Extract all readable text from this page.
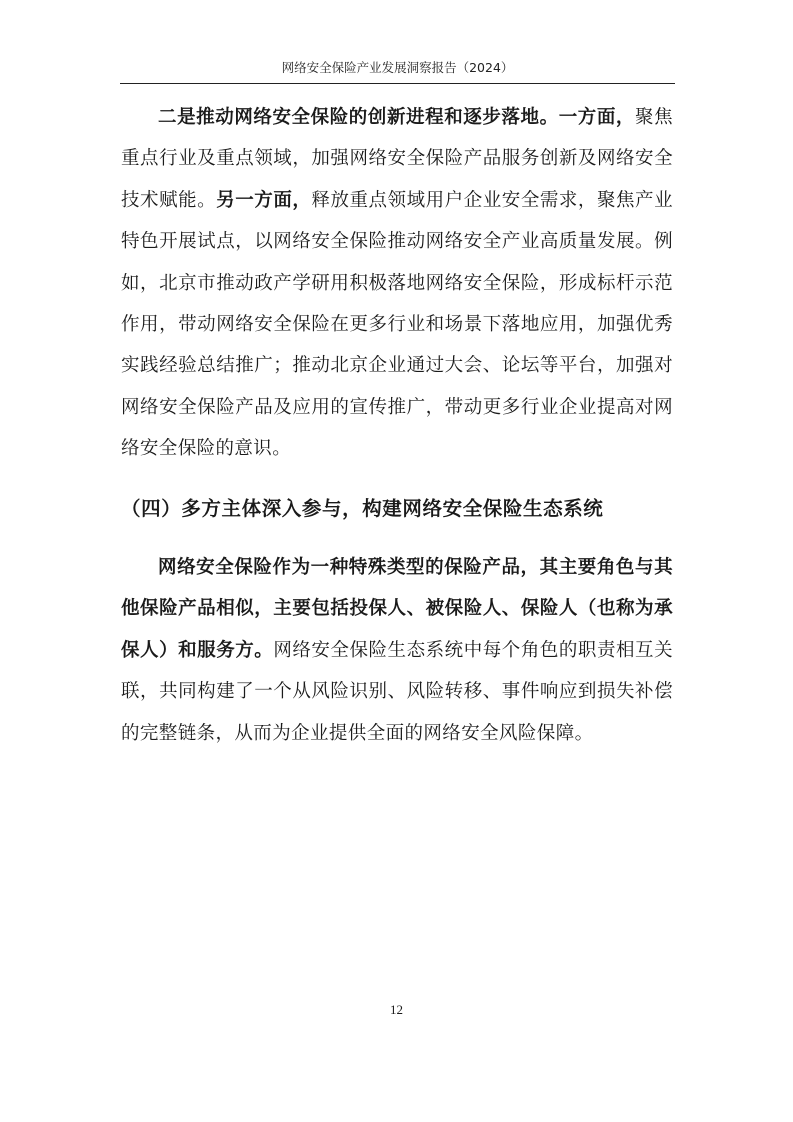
网络安全保险产业发展洞察报告（2024）

二是推动网络安全保险的创新进程和逐步落地。一方面，聚焦重点行业及重点领域，加强网络安全保险产品服务创新及网络安全技术赋能。另一方面，释放重点领域用户企业安全需求，聚焦产业特色开展试点，以网络安全保险推动网络安全产业高质量发展。例如，北京市推动政产学研用积极落地网络安全保险，形成标杆示范作用，带动网络安全保险在更多行业和场景下落地应用，加强优秀实践经验总结推广；推动北京企业通过大会、论坛等平台，加强对网络安全保险产品及应用的宣传推广，带动更多行业企业提高对网络安全保险的意识。

（四）多方主体深入参与，构建网络安全保险生态系统

网络安全保险作为一种特殊类型的保险产品，其主要角色与其他保险产品相似，主要包括投保人、被保险人、保险人（也称为承保人）和服务方。网络安全保险生态系统中每个角色的职责相互关联，共同构建了一个从风险识别、风险转移、事件响应到损失补偿的完整链条，从而为企业提供全面的网络安全风险保障。

12
